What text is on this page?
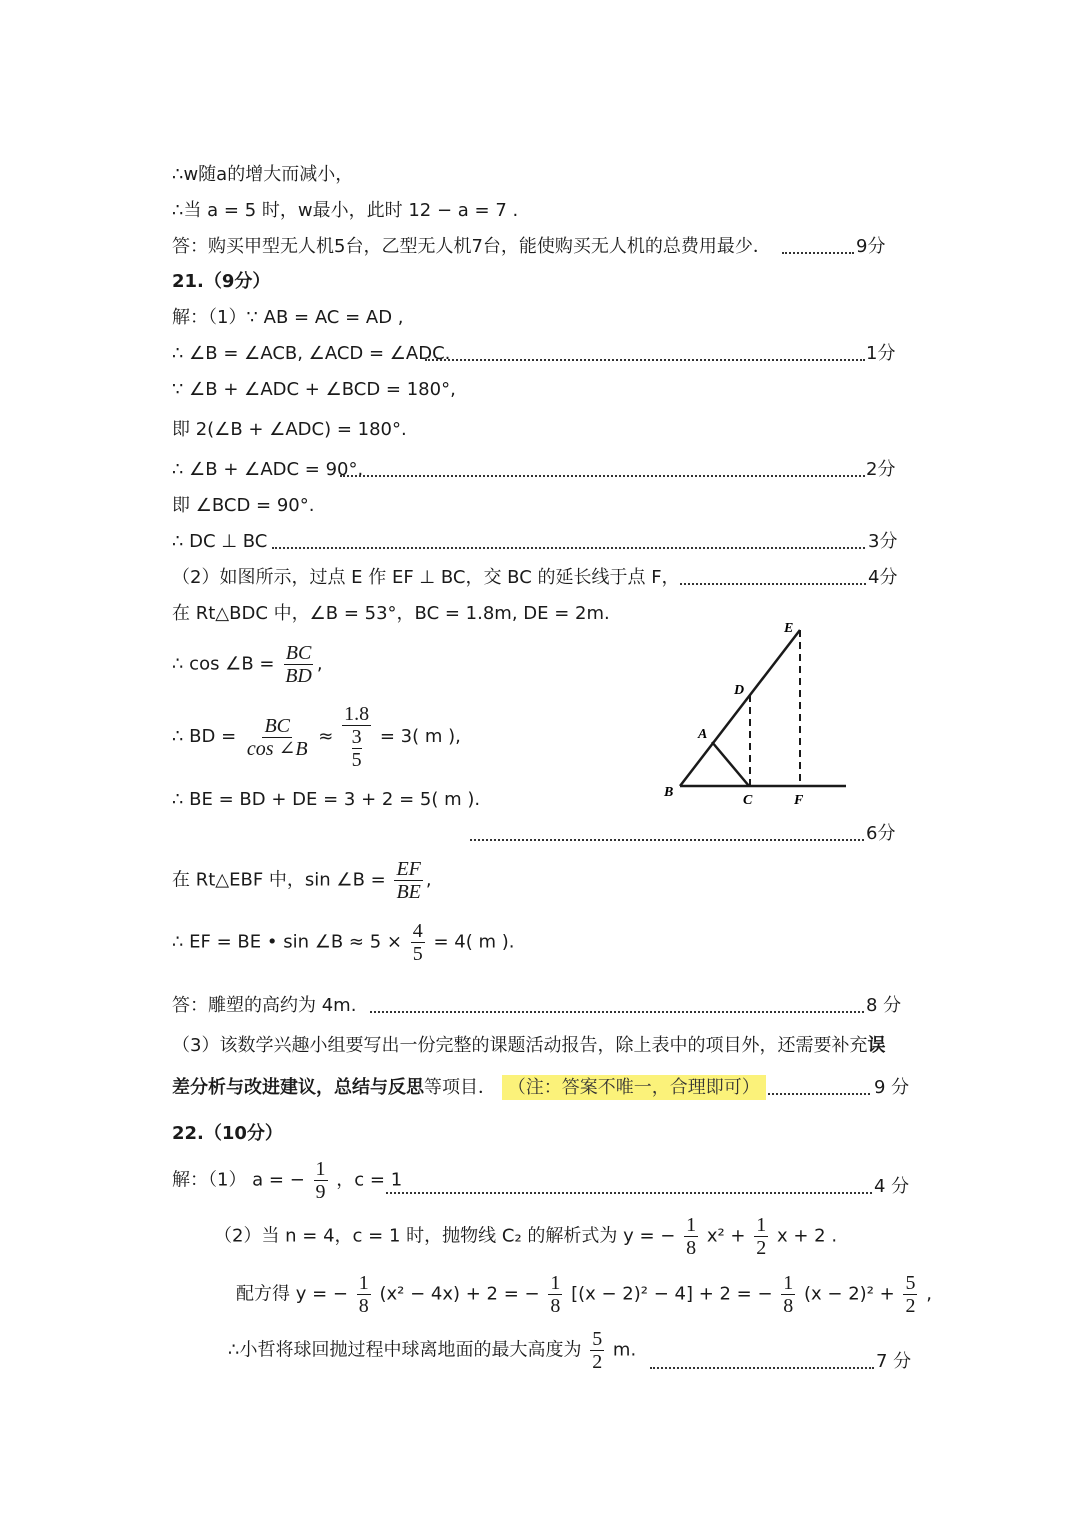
∴w随a的增大而减小，
∴当 a = 5 时，w最小，此时 12 − a = 7 .
答：购买甲型无人机5台，乙型无人机7台，能使购买无人机的总费用最少．	9分
21.（9分）
解：（1）∵ AB = AC = AD ,
∴ ∠B = ∠ACB, ∠ACD = ∠ADC.	1分
∵ ∠B + ∠ADC + ∠BCD = 180°,
即 2(∠B + ∠ADC) = 180°.
∴ ∠B + ∠ADC = 90°.	2分
即 ∠BCD = 90°.
∴ DC ⊥ BC	3分
（2）如图所示，过点 E 作 EF ⊥ BC，交 BC 的延长线于点 F，	4分
在 Rt△BDC 中，∠B = 53°，BC = 1.8m, DE = 2m.
∴ cos ∠B = $\frac{BC}{BD}$ ,
∴ BD = $\frac{BC}{\cos \angle B} \approx \frac{1.8}{\frac{3}{5}} = 3$( m ),
∴ BE = BD + DE = 3 + 2 = 5( m ).
6分
在 Rt△EBF 中，sin ∠B = $\frac{EF}{BE}$ ,
∴ EF = BE • sin ∠B ≈ $5 \times \frac{4}{5} = 4$( m ).
答：雕塑的高约为 4m.	8 分
（3）该数学兴趣小组要写出一份完整的课题活动报告，除上表中的项目外，还需要补充误
差分析与改进建议，总结与反思等项目． （注：答案不唯一，合理即可）	9 分
22.（10分）
解：（1） a = − $\frac{1}{9}$ ，c = 1	4 分
（2）当 n = 4，c = 1 时，抛物线 C₂ 的解析式为 y = − $\frac{1}{8} x^2 + \frac{1}{2}$ x + 2 .
配方得 y = − $\frac{1}{8} (x^2 - 4x) + 2$ = − $\frac{1}{8} [(x - 2)^2 - 4] + 2$ = − $\frac{1}{8} (x - 2)^2 + \frac{5}{2}$ ,
∴小哲将球回抛过程中球离地面的最大高度为 $\frac{5}{2} m$.
7 分
E
D
A
B
C	F
